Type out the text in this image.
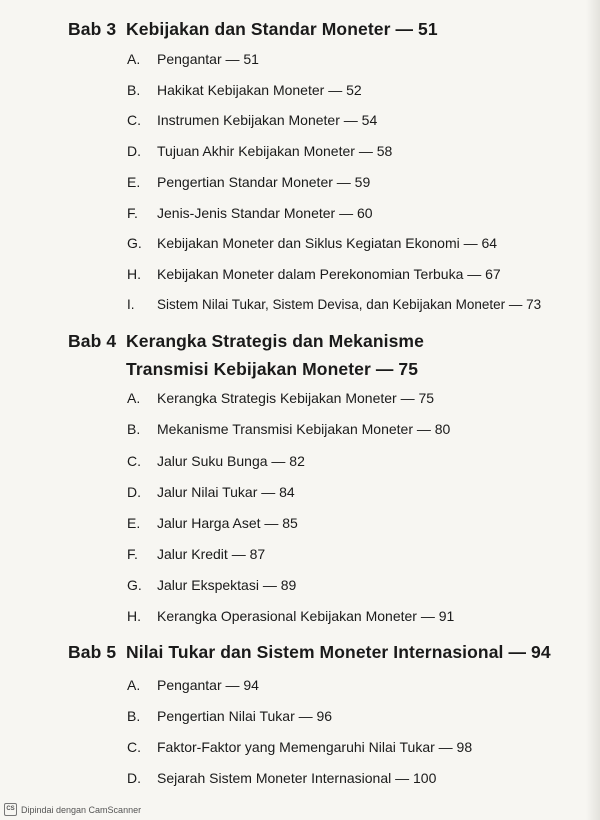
Bab 3 Kebijakan dan Standar Moneter — 51
A. Pengantar — 51
B. Hakikat Kebijakan Moneter — 52
C. Instrumen Kebijakan Moneter — 54
D. Tujuan Akhir Kebijakan Moneter — 58
E. Pengertian Standar Moneter — 59
F. Jenis-Jenis Standar Moneter — 60
G. Kebijakan Moneter dan Siklus Kegiatan Ekonomi — 64
H. Kebijakan Moneter dalam Perekonomian Terbuka — 67
I. Sistem Nilai Tukar, Sistem Devisa, dan Kebijakan Moneter — 73
Bab 4 Kerangka Strategis dan Mekanisme
Transmisi Kebijakan Moneter — 75
A. Kerangka Strategis Kebijakan Moneter — 75
B. Mekanisme Transmisi Kebijakan Moneter — 80
C. Jalur Suku Bunga — 82
D. Jalur Nilai Tukar — 84
E. Jalur Harga Aset — 85
F. Jalur Kredit — 87
G. Jalur Ekspektasi — 89
H. Kerangka Operasional Kebijakan Moneter — 91
Bab 5 Nilai Tukar dan Sistem Moneter Internasional — 94
A. Pengantar — 94
B. Pengertian Nilai Tukar — 96
C. Faktor-Faktor yang Memengaruhi Nilai Tukar — 98
D. Sejarah Sistem Moneter Internasional — 100
CS Dipindai dengan CamScanner
